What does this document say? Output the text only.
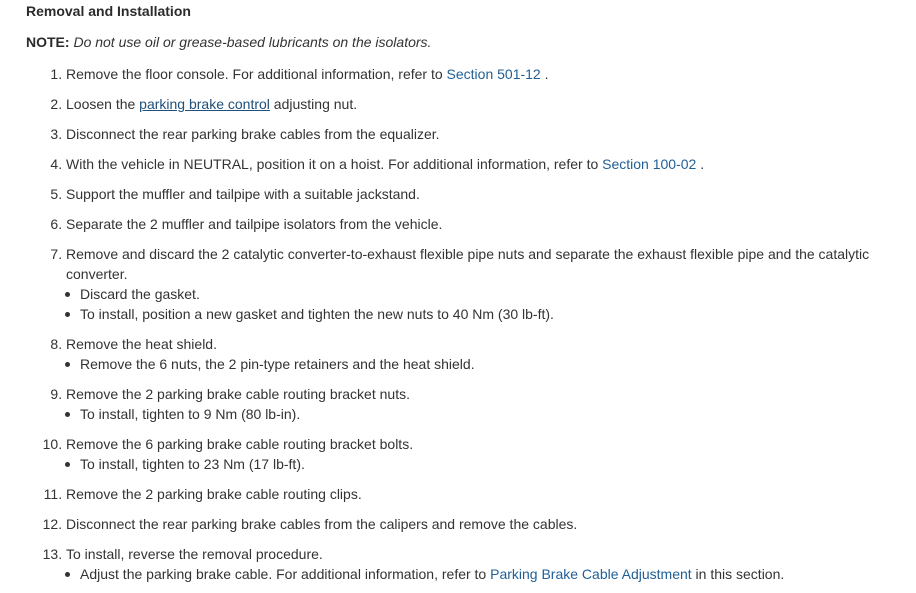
Removal and Installation
NOTE: Do not use oil or grease-based lubricants on the isolators.
1. Remove the floor console. For additional information, refer to Section 501-12 .
2. Loosen the parking brake control adjusting nut.
3. Disconnect the rear parking brake cables from the equalizer.
4. With the vehicle in NEUTRAL, position it on a hoist. For additional information, refer to Section 100-02 .
5. Support the muffler and tailpipe with a suitable jackstand.
6. Separate the 2 muffler and tailpipe isolators from the vehicle.
7. Remove and discard the 2 catalytic converter-to-exhaust flexible pipe nuts and separate the exhaust flexible pipe and the catalytic converter.
Discard the gasket.
To install, position a new gasket and tighten the new nuts to 40 Nm (30 lb-ft).
8. Remove the heat shield.
Remove the 6 nuts, the 2 pin-type retainers and the heat shield.
9. Remove the 2 parking brake cable routing bracket nuts.
To install, tighten to 9 Nm (80 lb-in).
10. Remove the 6 parking brake cable routing bracket bolts.
To install, tighten to 23 Nm (17 lb-ft).
11. Remove the 2 parking brake cable routing clips.
12. Disconnect the rear parking brake cables from the calipers and remove the cables.
13. To install, reverse the removal procedure.
Adjust the parking brake cable. For additional information, refer to Parking Brake Cable Adjustment in this section.
